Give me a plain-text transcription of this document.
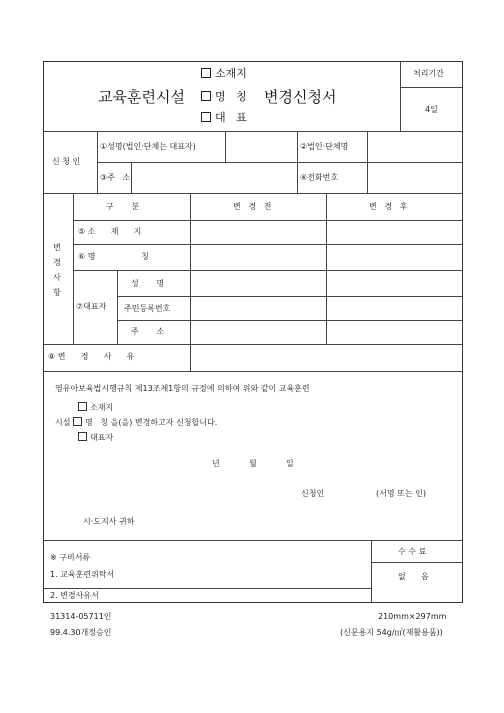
교육훈련시설
소재지
명   칭
대   표
변경신청서
처리기간
4일
신 청 인
①성명(법인·단체는 대표자)	②법인·단체명
③주   소	④전화번호
변
경
사
항
구       분	변   경   전	변   경   후
⑤ 소      재      지
⑥ 명                  칭
⑦대표자
성       명
주민등록번호
주       소
⑧ 변      경      사      유
영유아보육법시행규칙 제13조제1항의 규정에 의하여 위와 같이 교육훈련
소재지
시설 명   칭 을(을) 변경하고자 신청합니다.
대표자
년	월	일
신청인	(서명 또는 인)
시·도지사 귀하
※ 구비서류
1. 교육훈련위탁서
2. 변경사유서
수 수 료
없      음
31314-05711인
99.4.30개정승인
210mm×297mm
(신문용지 54g/㎡(재활용품))
